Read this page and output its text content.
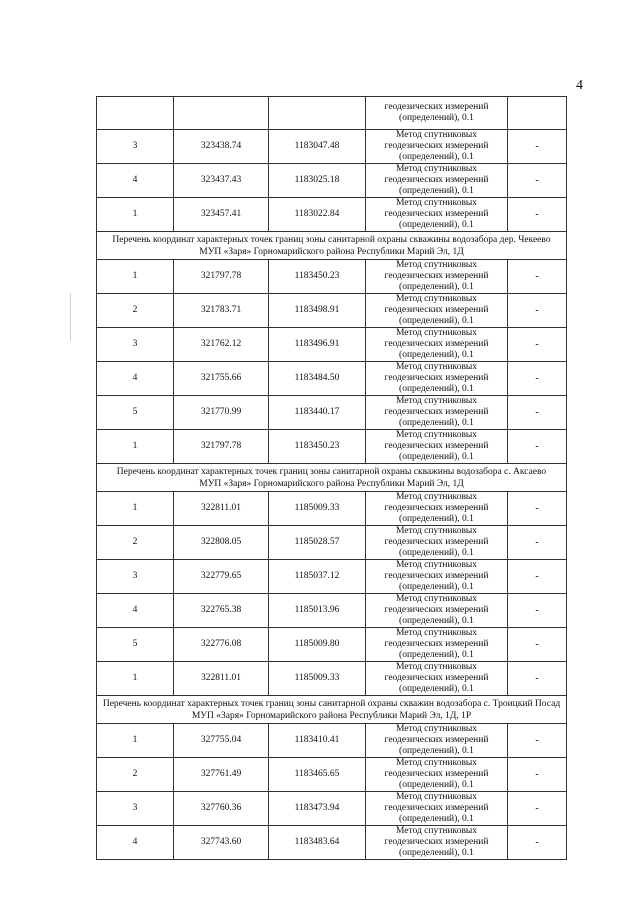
4

			геодезических измерений
(определений), 0.1	

3	323438.74	1183047.48	Метод спутниковых
геодезических измерений
(определений), 0.1	-
4	323437.43	1183025.18	Метод спутниковых
геодезических измерений
(определений), 0.1	-
1	323457.41	1183022.84	Метод спутниковых
геодезических измерений
(определений), 0.1	-

Перечень координат характерных точек границ зоны санитарной охраны скважины водозабора дер. Чекеево
МУП «Заря» Горномарийского района Республики Марий Эл, 1Д				

1	321797.78	1183450.23	Метод спутниковых
геодезических измерений
(определений), 0.1	-
2	321783.71	1183498.91	Метод спутниковых
геодезических измерений
(определений), 0.1	-
3	321762.12	1183496.91	Метод спутниковых
геодезических измерений
(определений), 0.1	-
4	321755.66	1183484.50	Метод спутниковых
геодезических измерений
(определений), 0.1	-
5	321770.99	1183440.17	Метод спутниковых
геодезических измерений
(определений), 0.1	-
1	321797.78	1183450.23	Метод спутниковых
геодезических измерений
(определений), 0.1	-

Перечень координат характерных точек границ зоны санитарной охраны скважины водозабора с. Аксаево
МУП «Заря» Горномарийского района Республики Марий Эл, 1Д				

1	322811.01	1185009.33	Метод спутниковых
геодезических измерений
(определений), 0.1	-
2	322808.05	1185028.57	Метод спутниковых
геодезических измерений
(определений), 0.1	-
3	322779.65	1185037.12	Метод спутниковых
геодезических измерений
(определений), 0.1	-
4	322765.38	1185013.96	Метод спутниковых
геодезических измерений
(определений), 0.1	-
5	322776.08	1185009.80	Метод спутниковых
геодезических измерений
(определений), 0.1	-
1	322811.01	1185009.33	Метод спутниковых
геодезических измерений
(определений), 0.1	-

Перечень координат характерных точек границ зоны санитарной охраны скважин водозабора с. Троицкий Посад
МУП «Заря» Горномарийского района Республики Марий Эл, 1Д, 1Р				

1	327755.04	1183410.41	Метод спутниковых
геодезических измерений
(определений), 0.1	-
2	327761.49	1183465.65	Метод спутниковых
геодезических измерений
(определений), 0.1	-
3	327760.36	1183473.94	Метод спутниковых
геодезических измерений
(определений), 0.1	-
4	327743.60	1183483.64	Метод спутниковых
геодезических измерений
(определений), 0.1	-
